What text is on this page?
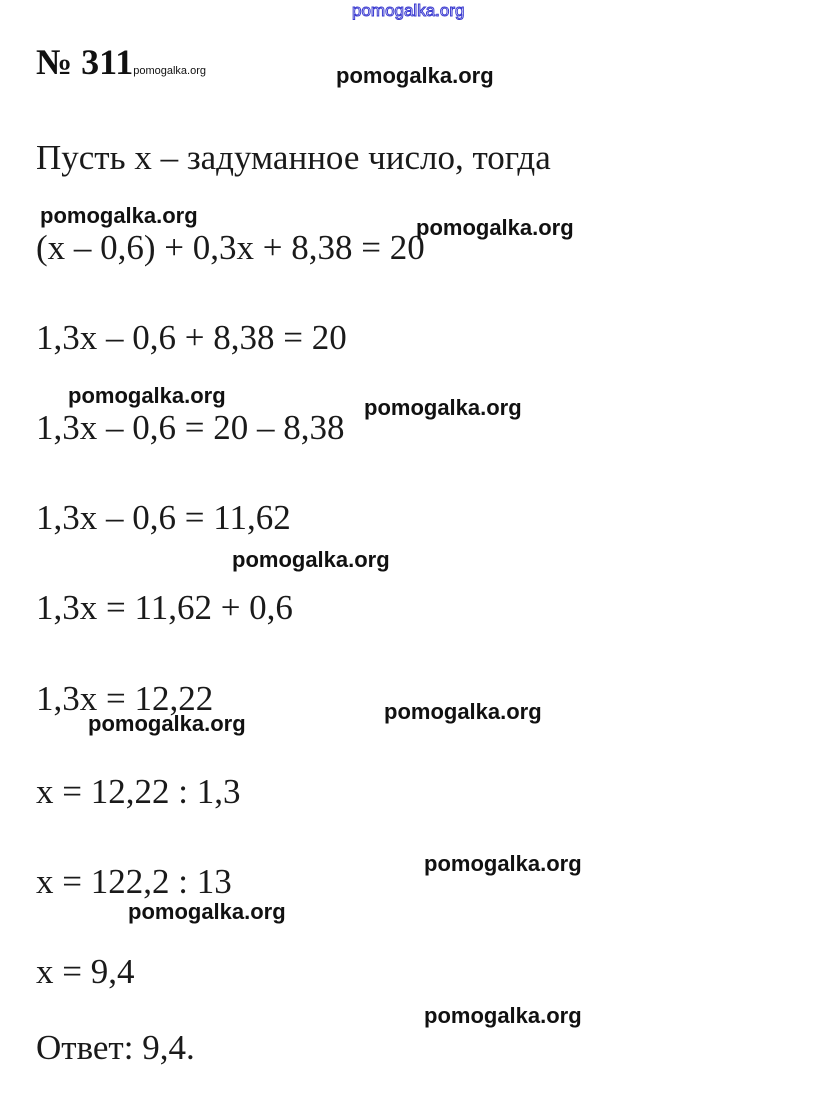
pomogalka.org
№ 311pomogalka.org
Пусть x – задуманное число, тогда
(x – 0,6) + 0,3x + 8,38 = 20
1,3x – 0,6 + 8,38 = 20
1,3x – 0,6 = 20 – 8,38
1,3x – 0,6 = 11,62
1,3x = 11,62 + 0,6
1,3x = 12,22
x = 12,22 : 1,3
x = 122,2 : 13
x = 9,4
Ответ: 9,4.
pomogalka.org
pomogalka.org	pomogalka.org
pomogalka.org	pomogalka.org
pomogalka.org
pomogalka.org	pomogalka.org
pomogalka.org
pomogalka.org
pomogalka.org
